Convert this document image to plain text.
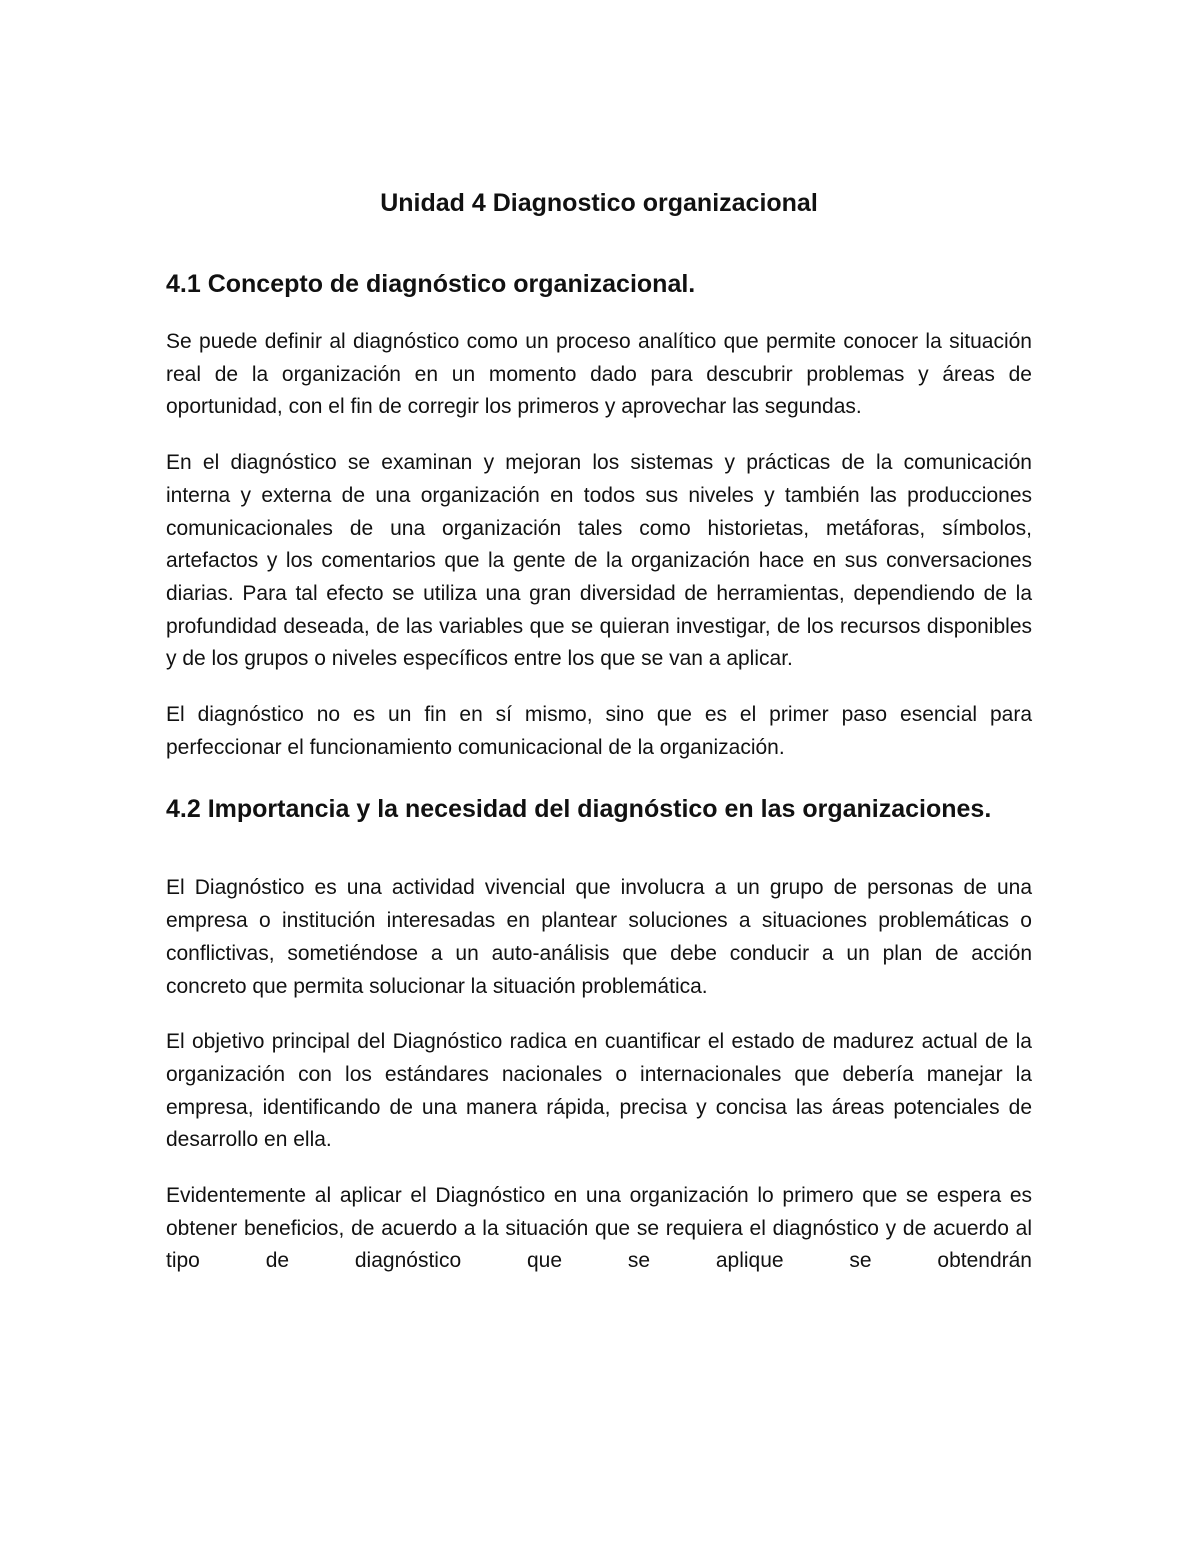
Unidad 4 Diagnostico organizacional
4.1 Concepto de diagnóstico organizacional.

Se puede definir al diagnóstico como un proceso analítico que permite conocer la situación real de la organización en un momento dado para descubrir problemas y áreas de oportunidad, con el fin de corregir los primeros y aprovechar las segundas.

En el diagnóstico se examinan y mejoran los sistemas y prácticas de la comunicación interna y externa de una organización en todos sus niveles y también las producciones comunicacionales de una organización tales como historietas, metáforas, símbolos, artefactos y los comentarios que la gente de la organización hace en sus conversaciones diarias. Para tal efecto se utiliza una gran diversidad de herramientas, dependiendo de la profundidad deseada, de las variables que se quieran investigar, de los recursos disponibles y de los grupos o niveles específicos entre los que se van a aplicar.

El diagnóstico no es un fin en sí mismo, sino que es el primer paso esencial para perfeccionar el funcionamiento comunicacional de la organización.

4.2 Importancia y la necesidad del diagnóstico en las organizaciones.

El Diagnóstico es una actividad vivencial que involucra a un grupo de personas de una empresa o institución interesadas en plantear soluciones a situaciones problemáticas o conflictivas, sometiéndose a un auto-análisis que debe conducir a un plan de acción concreto que permita solucionar la situación problemática.

El objetivo principal del Diagnóstico radica en cuantificar el estado de madurez actual de la organización con los estándares nacionales o internacionales que debería manejar la empresa, identificando de una manera rápida, precisa y concisa las áreas potenciales de desarrollo en ella.

Evidentemente al aplicar el Diagnóstico en una organización lo primero que se espera es obtener beneficios, de acuerdo a la situación que se requiera el diagnóstico y de acuerdo al tipo de diagnóstico que se aplique se obtendrán
